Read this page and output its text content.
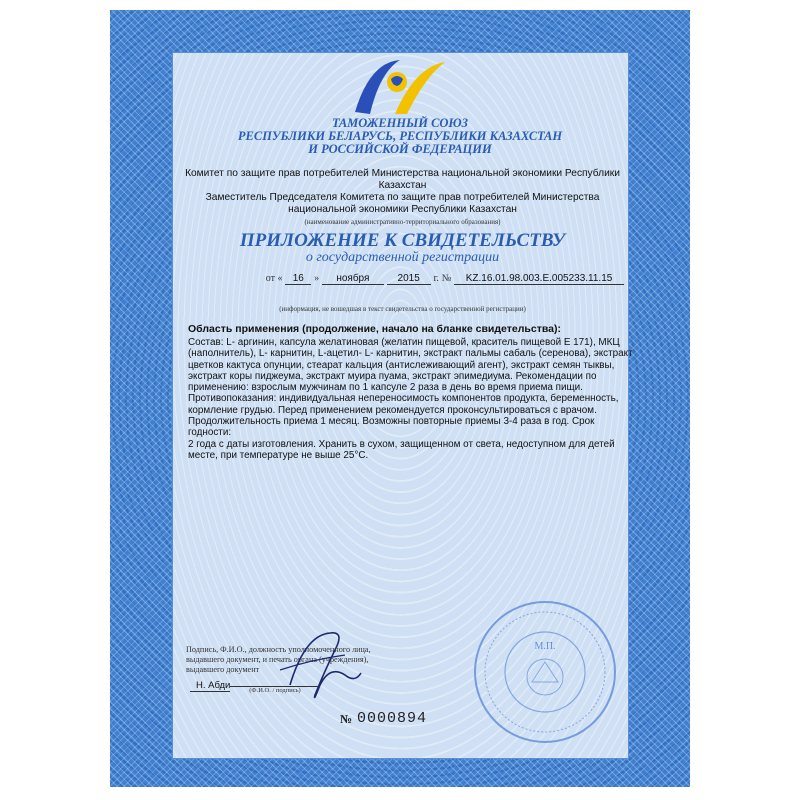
ТАМОЖЕННЫЙ СОЮЗ
РЕСПУБЛИКИ БЕЛАРУСЬ, РЕСПУБЛИКИ КАЗАХСТАН
И РОССИЙСКОЙ ФЕДЕРАЦИИ
Комитет по защите прав потребителей Министерства национальной экономики Республики Казахстан
Заместитель Председателя Комитета по защите прав потребителей Министерства национальной экономики Республики Казахстан
(наименование административно-территориального образования)
ПРИЛОЖЕНИЕ К СВИДЕТЕЛЬСТВУ
о государственной регистрации
от « 16 » ноября	2015 г. № KZ.16.01.98.003.E.005233.11.15
(информация, не вошедшая в текст свидетельства о государственной регистрации)
Область применения (продолжение, начало на бланке свидетельства):
Состав: L- аргинин, капсула желатиновая (желатин пищевой, краситель пищевой Е 171), МКЦ
(наполнитель), L- карнитин, L-ацетил- L- карнитин, экстракт пальмы сабаль (серенова), экстракт
цветков кактуса опунции, стеарат кальция (антислеживающий агент), экстракт семян тыквы,
экстракт коры пиджеума, экстракт муира пуама, экстракт эпимедиума. Рекомендации по
применению: взрослым мужчинам по 1 капсуле 2 раза в день во время приема пищи.
Противопоказания: индивидуальная непереносимость компонентов продукта, беременность,
кормление грудью. Перед применением рекомендуется проконсультироваться с врачом.
Продолжительность приема 1 месяц. Возможны повторные приемы 3-4 раза в год. Срок годности:
2 года с даты изготовления. Хранить в сухом, защищенном от света, недоступном для детей
месте, при температуре не выше 25°С.
Подпись, Ф.И.О., должность уполномоченного лица,
выдавшего документ, и печать органа (учреждения),
выдавшего документ
Н. Абди	(Ф.И.О. / подпись)
М.П.
№ 0000894
